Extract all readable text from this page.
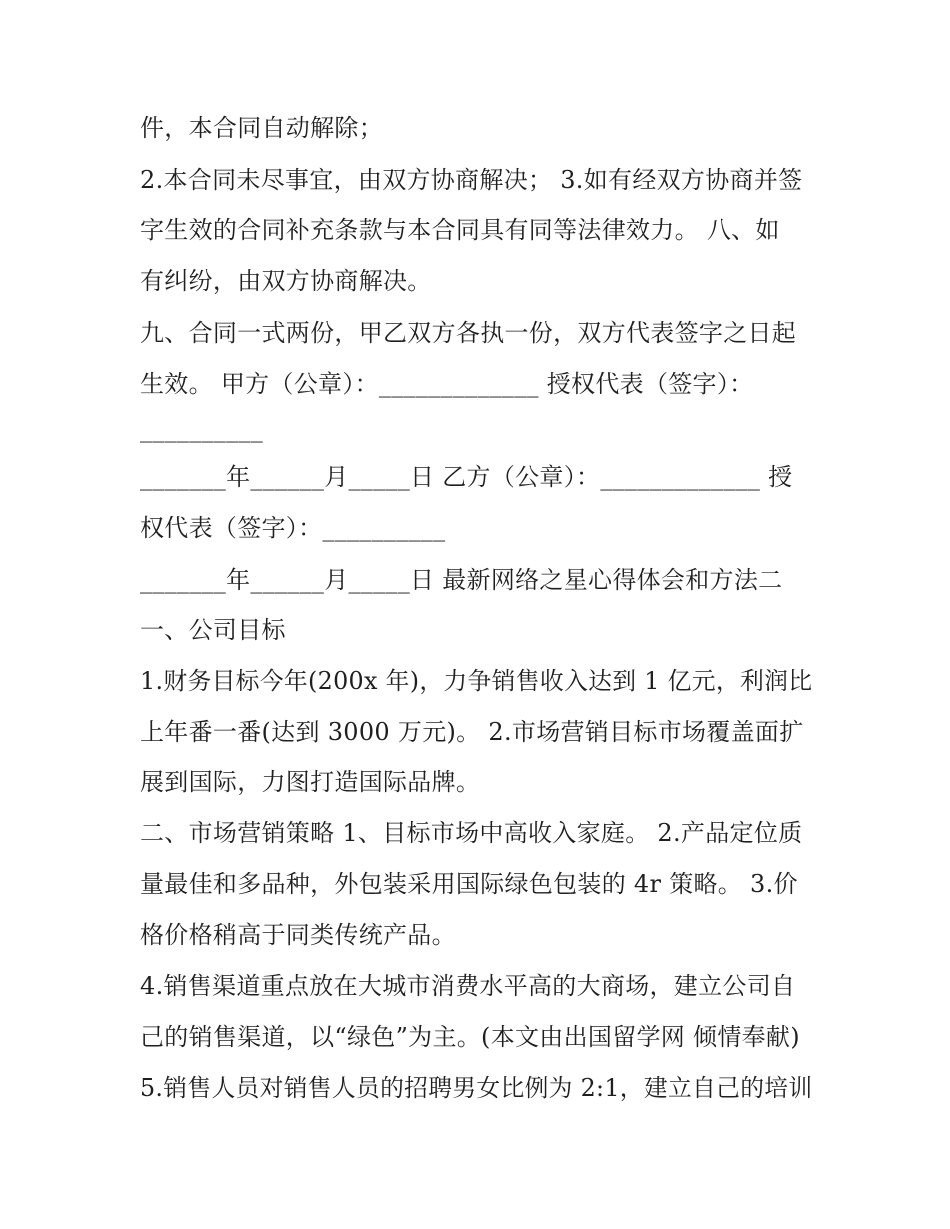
件，本合同自动解除；

2.本合同未尽事宜，由双方协商解决； 3.如有经双方协商并签

字生效的合同补充条款与本合同具有同等法律效力。 八、如

有纠纷，由双方协商解决。

九、合同一式两份，甲乙双方各执一份，双方代表签字之日起

生效。 甲方（公章）：_____________ 授权代表（签字）：

__________

_______年______月_____日 乙方（公章）：_____________ 授

权代表（签字）：__________

_______年______月_____日 最新网络之星心得体会和方法二

一、公司目标

1.财务目标今年(200x 年)，力争销售收入达到 1 亿元，利润比

上年番一番(达到 3000 万元)。 2.市场营销目标市场覆盖面扩

展到国际，力图打造国际品牌。

二、市场营销策略 1、目标市场中高收入家庭。 2.产品定位质

量最佳和多品种，外包装采用国际绿色包装的 4r 策略。 3.价

格价格稍高于同类传统产品。

4.销售渠道重点放在大城市消费水平高的大商场，建立公司自

己的销售渠道，以“绿色”为主。(本文由出国留学网 倾情奉献)

5.销售人员对销售人员的招聘男女比例为 2:1，建立自己的培训
